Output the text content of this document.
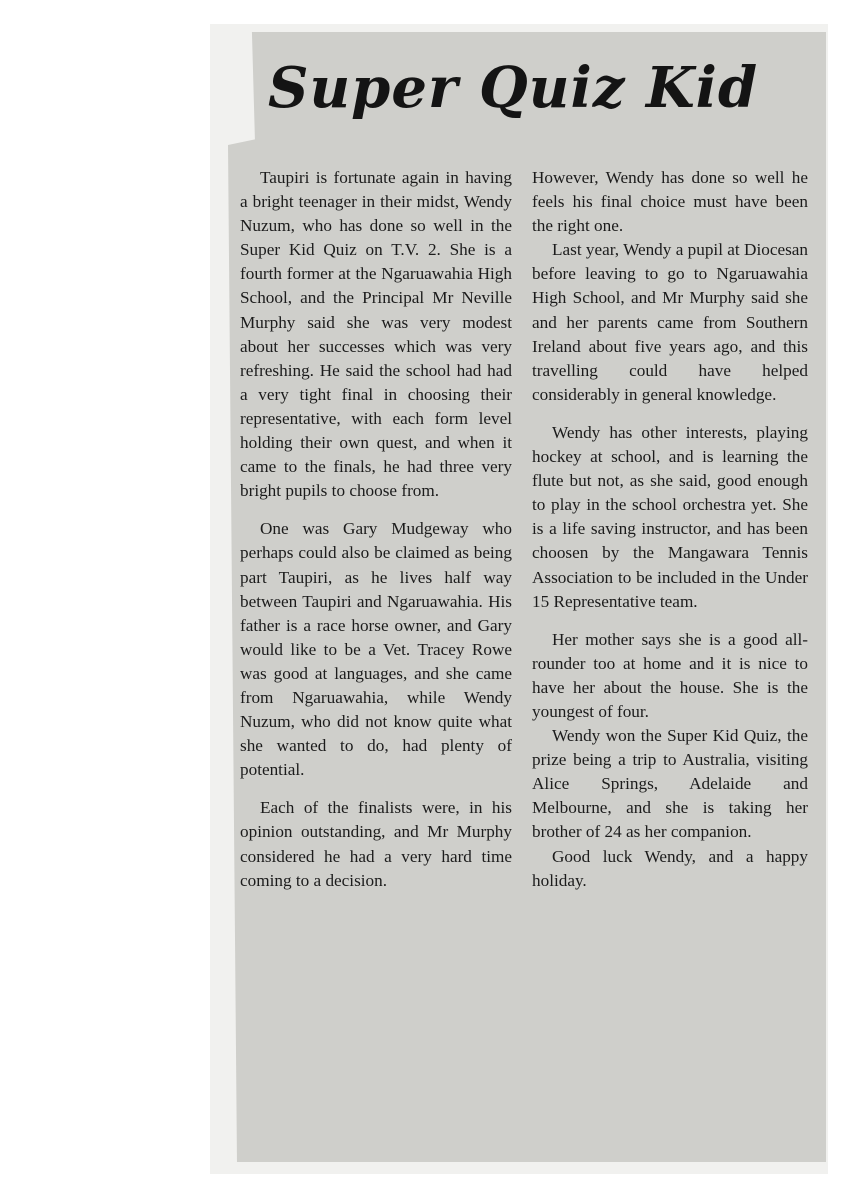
Super Quiz Kid

Taupiri is fortunate again in having a bright teenager in their midst, Wendy Nuzum, who has done so well in the Super Kid Quiz on T.V. 2. She is a fourth former at the Ngaruawahia High School, and the Principal Mr Neville Murphy said she was very modest about her successes which was very refreshing. He said the school had had a very tight final in choosing their representative, with each form level holding their own quest, and when it came to the finals, he had three very bright pupils to choose from.

One was Gary Mudgeway who perhaps could also be claimed as being part Taupiri, as he lives half way between Taupiri and Ngaruawahia. His father is a race horse owner, and Gary would like to be a Vet. Tracey Rowe was good at languages, and she came from Ngaruawahia, while Wendy Nuzum, who did not know quite what she wanted to do, had plenty of potential.

Each of the finalists were, in his opinion outstanding, and Mr Murphy considered he had a very hard time coming to a decision.

However, Wendy has done so well he feels his final choice must have been the right one.

Last year, Wendy a pupil at Diocesan before leaving to go to Ngaruawahia High School, and Mr Murphy said she and her parents came from Southern Ireland about five years ago, and this travelling could have helped considerably in general knowledge.

Wendy has other interests, playing hockey at school, and is learning the flute but not, as she said, good enough to play in the school orchestra yet. She is a life saving instructor, and has been choosen by the Mangawara Tennis Association to be included in the Under 15 Representative team.

Her mother says she is a good all-rounder too at home and it is nice to have her about the house. She is the youngest of four.

Wendy won the Super Kid Quiz, the prize being a trip to Australia, visiting Alice Springs, Adelaide and Melbourne, and she is taking her brother of 24 as her companion.

Good luck Wendy, and a happy holiday.
